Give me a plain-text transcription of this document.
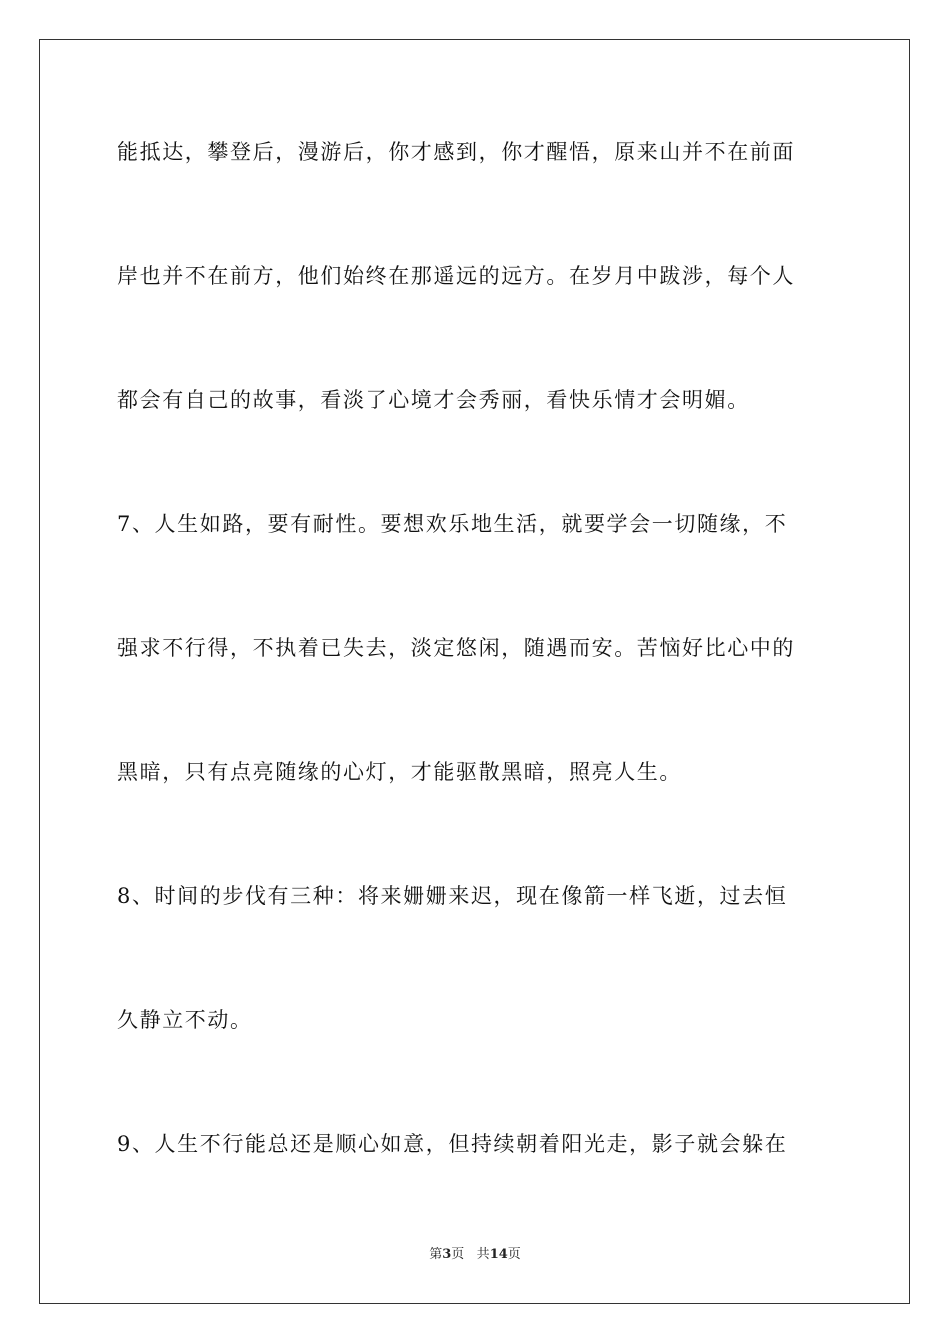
能抵达，攀登后，漫游后，你才感到，你才醒悟，原来山并不在前面
岸也并不在前方，他们始终在那遥远的远方。在岁月中跋涉，每个人
都会有自己的故事，看淡了心境才会秀丽，看快乐情才会明媚。
7、人生如路，要有耐性。要想欢乐地生活，就要学会一切随缘，不
强求不行得，不执着已失去，淡定悠闲，随遇而安。苦恼好比心中的
黑暗，只有点亮随缘的心灯，才能驱散黑暗，照亮人生。
8、时间的步伐有三种：将来姗姗来迟，现在像箭一样飞逝，过去恒
久静立不动。
9、人生不行能总还是顺心如意，但持续朝着阳光走，影子就会躲在
第3页 共14页
